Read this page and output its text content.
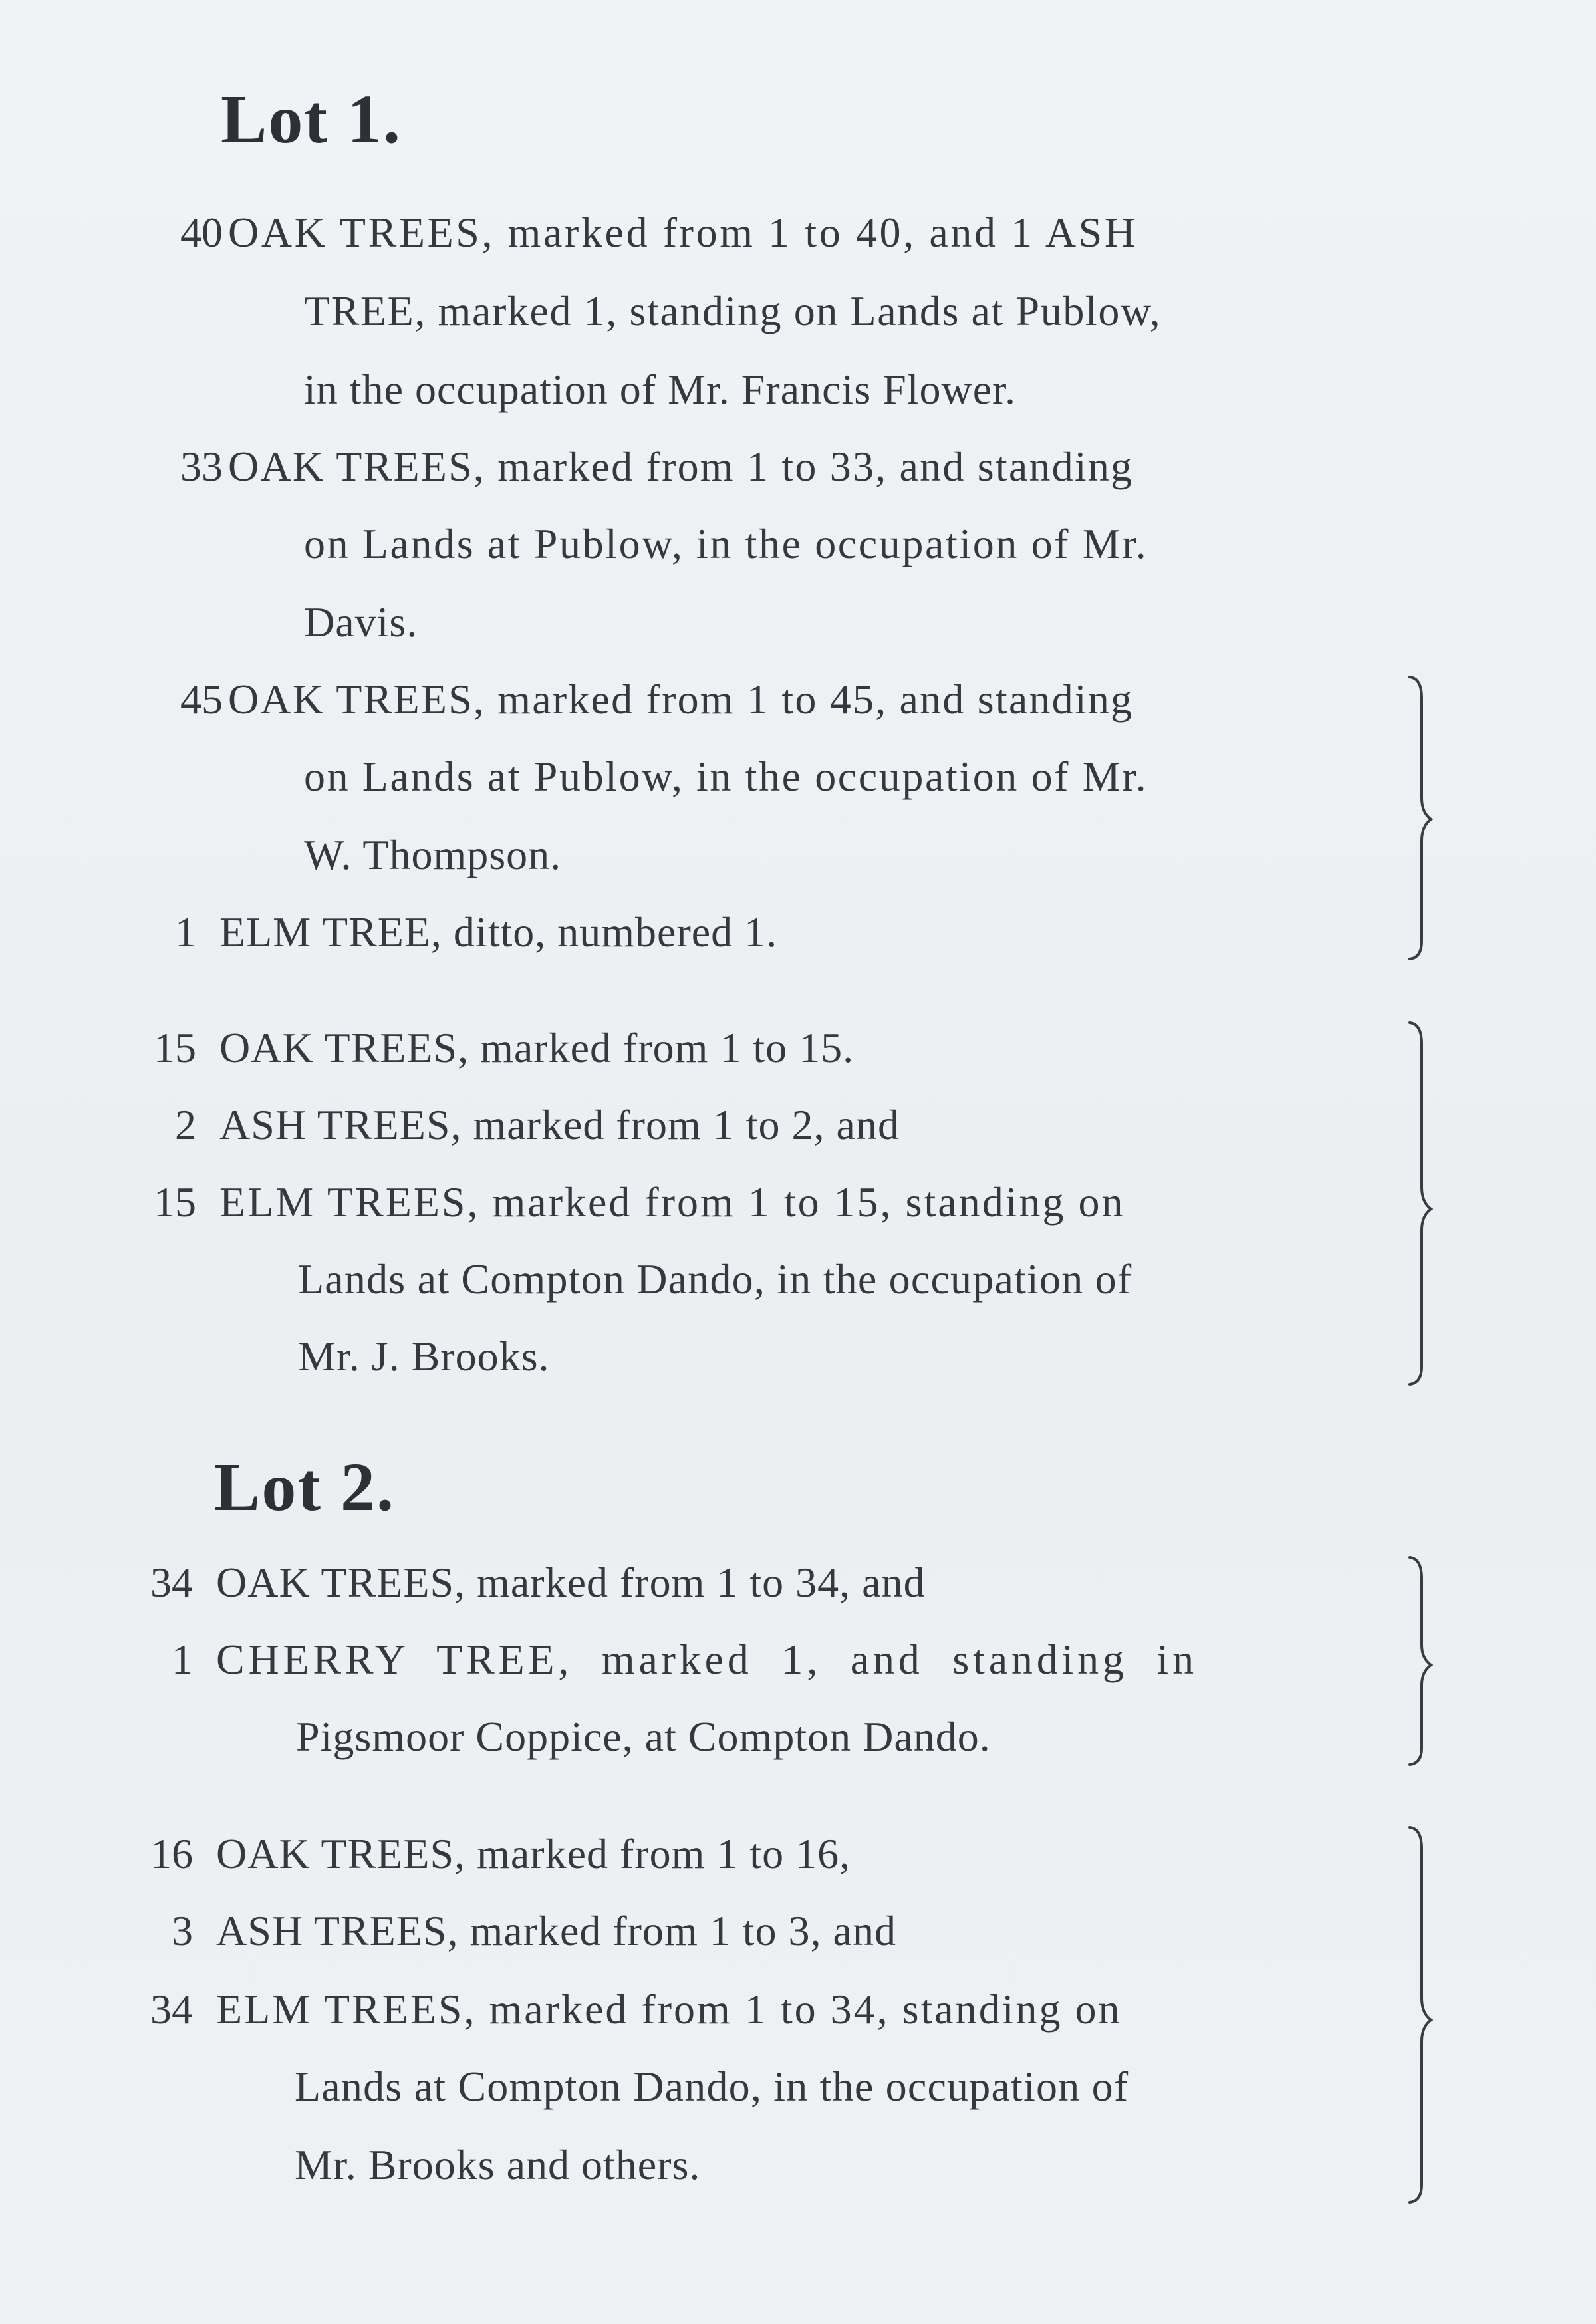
Lot 1.
40 OAK TREES, marked from 1 to 40, and 1 ASH
TREE, marked 1, standing on Lands at Publow,
in the occupation of Mr. Francis Flower.
33 OAK TREES, marked from 1 to 33, and standing
on Lands at Publow, in the occupation of Mr.
Davis.
45 OAK TREES, marked from 1 to 45, and standing
on Lands at Publow, in the occupation of Mr.
W. Thompson.
1 ELM TREE, ditto, numbered 1.
15 OAK TREES, marked from 1 to 15.
2 ASH TREES, marked from 1 to 2, and
15 ELM TREES, marked from 1 to 15, standing on
Lands at Compton Dando, in the occupation of
Mr. J. Brooks.
Lot 2.
34 OAK TREES, marked from 1 to 34, and
1 CHERRY TREE, marked 1, and standing in
Pigsmoor Coppice, at Compton Dando.
16 OAK TREES, marked from 1 to 16,
3 ASH TREES, marked from 1 to 3, and
34 ELM TREES, marked from 1 to 34, standing on
Lands at Compton Dando, in the occupation of
Mr. Brooks and others.
